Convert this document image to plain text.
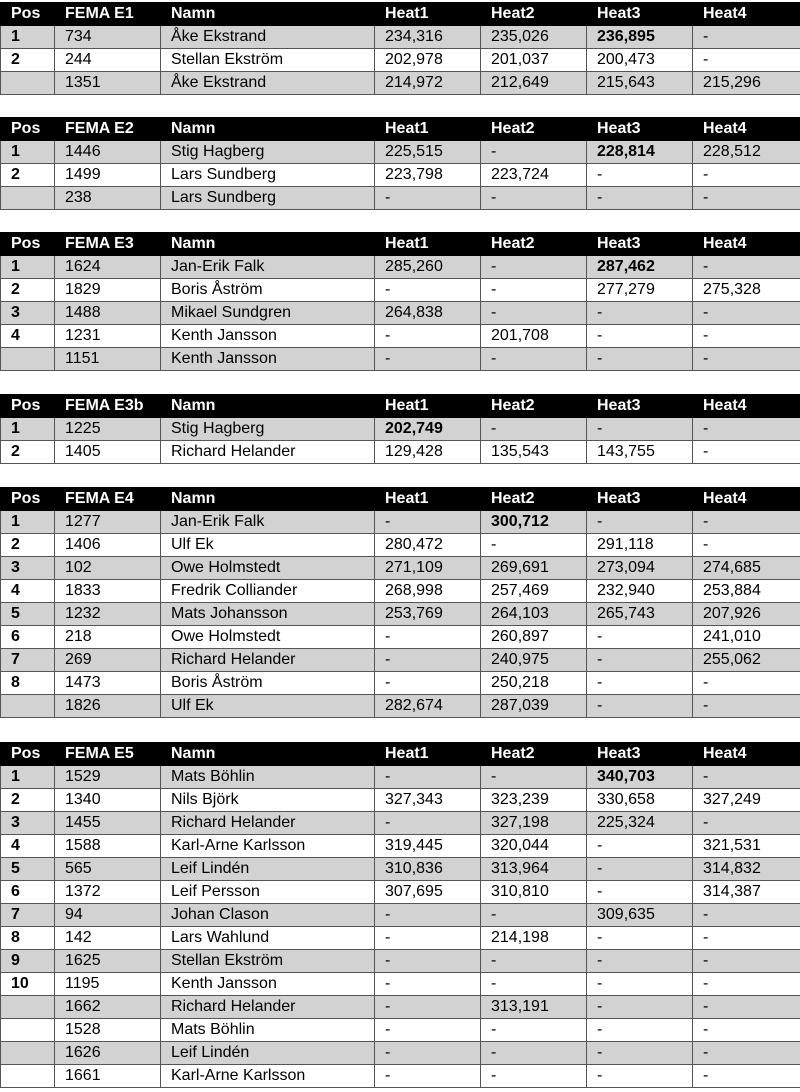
Pos	FEMA E1	Namn	Heat1	Heat2	Heat3	Heat4
1	734	Åke Ekstrand	234,316	235,026	236,895	-
2	244	Stellan Ekström	202,978	201,037	200,473	-
	1351	Åke Ekstrand	214,972	212,649	215,643	215,296
Pos	FEMA E2	Namn	Heat1	Heat2	Heat3	Heat4
1	1446	Stig Hagberg	225,515	-	228,814	228,512
2	1499	Lars Sundberg	223,798	223,724	-	-
	238	Lars Sundberg	-	-	-	-
Pos	FEMA E3	Namn	Heat1	Heat2	Heat3	Heat4
1	1624	Jan-Erik Falk	285,260	-	287,462	-
2	1829	Boris Åström	-	-	277,279	275,328
3	1488	Mikael Sundgren	264,838	-	-	-
4	1231	Kenth Jansson	-	201,708	-	-
	1151	Kenth Jansson	-	-	-	-
Pos	FEMA E3b	Namn	Heat1	Heat2	Heat3	Heat4
1	1225	Stig Hagberg	202,749	-	-	-
2	1405	Richard Helander	129,428	135,543	143,755	-
Pos	FEMA E4	Namn	Heat1	Heat2	Heat3	Heat4
1	1277	Jan-Erik Falk	-	300,712	-	-
2	1406	Ulf Ek	280,472	-	291,118	-
3	102	Owe Holmstedt	271,109	269,691	273,094	274,685
4	1833	Fredrik Colliander	268,998	257,469	232,940	253,884
5	1232	Mats Johansson	253,769	264,103	265,743	207,926
6	218	Owe Holmstedt	-	260,897	-	241,010
7	269	Richard Helander	-	240,975	-	255,062
8	1473	Boris Åström	-	250,218	-	-
	1826	Ulf Ek	282,674	287,039	-	-
Pos	FEMA E5	Namn	Heat1	Heat2	Heat3	Heat4
1	1529	Mats Böhlin	-	-	340,703	-
2	1340	Nils Björk	327,343	323,239	330,658	327,249
3	1455	Richard Helander	-	327,198	225,324	-
4	1588	Karl-Arne Karlsson	319,445	320,044	-	321,531
5	565	Leif Lindén	310,836	313,964	-	314,832
6	1372	Leif Persson	307,695	310,810	-	314,387
7	94	Johan Clason	-	-	309,635	-
8	142	Lars Wahlund	-	214,198	-	-
9	1625	Stellan Ekström	-	-	-	-
10	1195	Kenth Jansson	-	-	-	-
	1662	Richard Helander	-	313,191	-	-
	1528	Mats Böhlin	-	-	-	-
	1626	Leif Lindén	-	-	-	-
	1661	Karl-Arne Karlsson	-	-	-	-
